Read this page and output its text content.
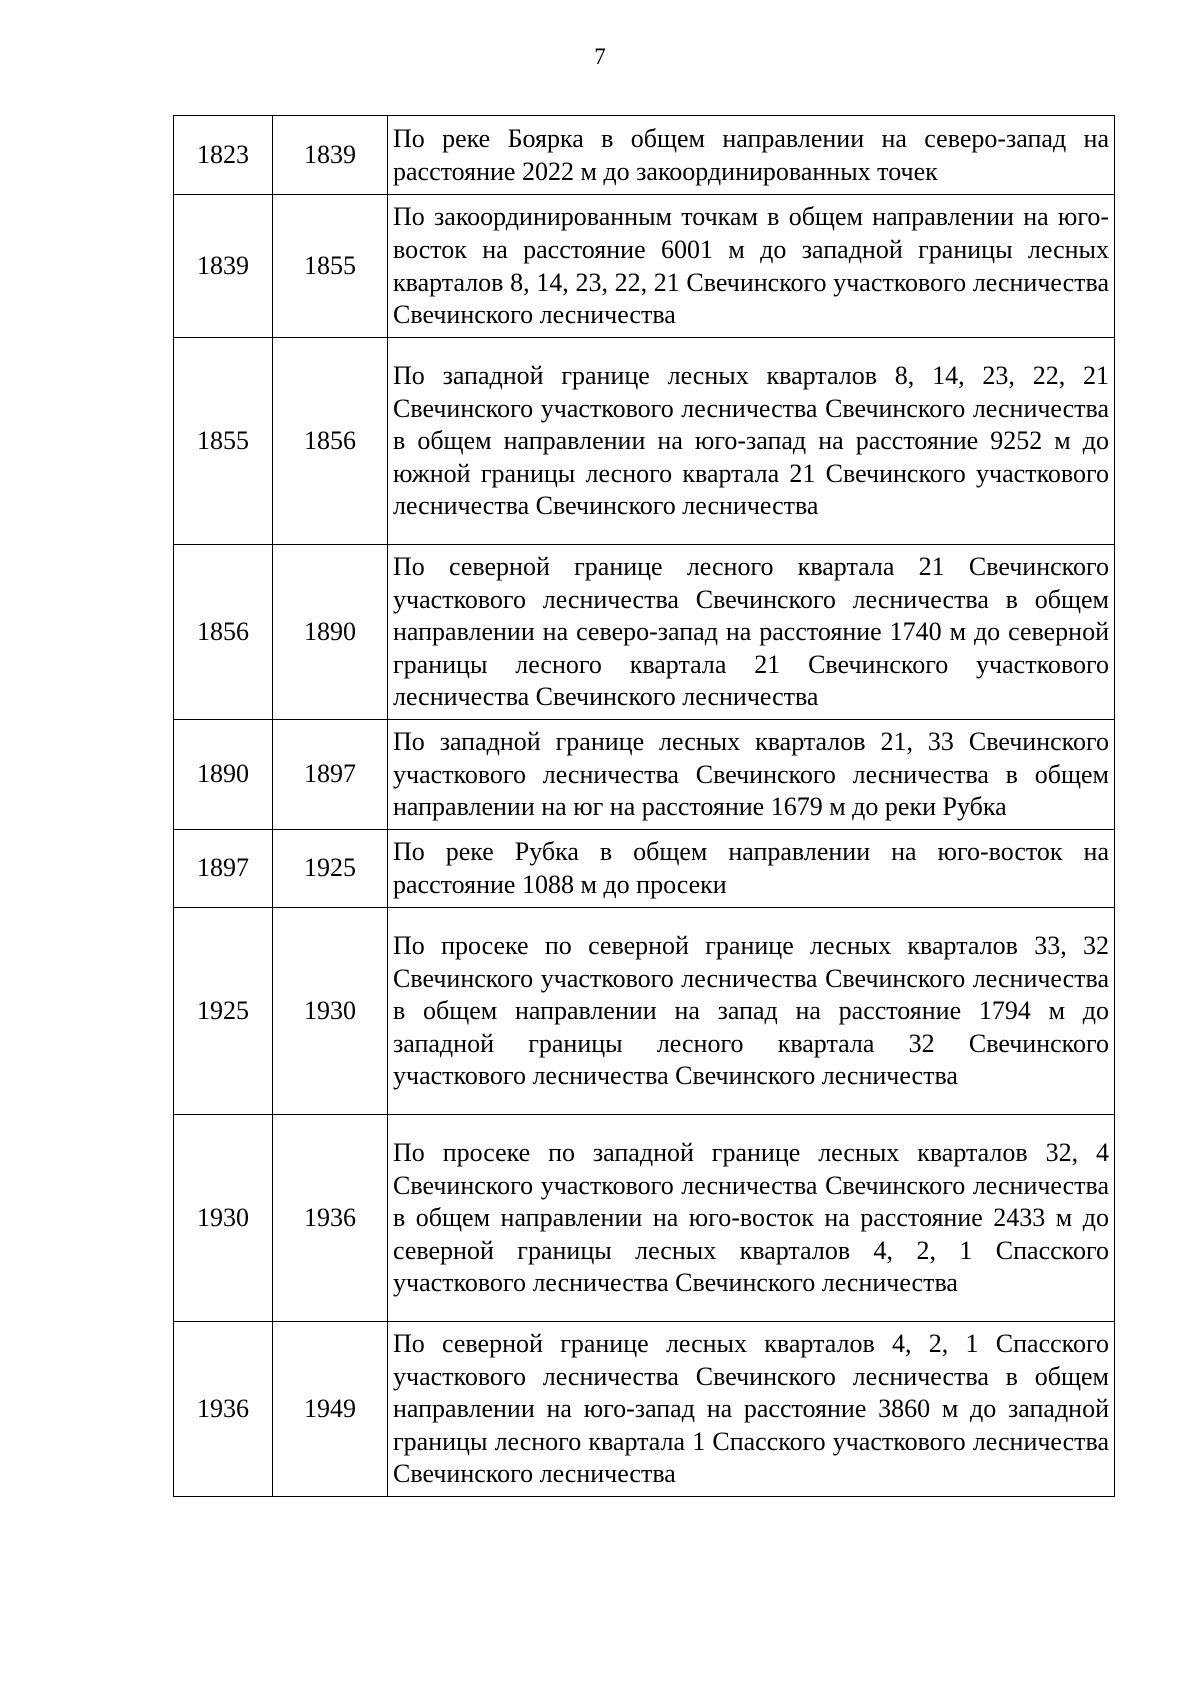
7
1823	1839	По реке Боярка в общем направлении на северо-запад на расстояние 2022 м до закоординированных точек
1839	1855	По закоординированным точкам в общем направлении на юго-восток на расстояние 6001 м до западной границы лесных кварталов 8, 14, 23, 22, 21 Свечинского участкового лесничества Свечинского лесничества
1855	1856	По западной границе лесных кварталов 8, 14, 23, 22, 21 Свечинского участкового лесничества Свечинского лесничества в общем направлении на юго-запад на расстояние 9252 м до южной границы лесного квартала 21 Свечинского участкового лесничества Свечинского лесничества
1856	1890	По северной границе лесного квартала 21 Свечинского участкового лесничества Свечинского лесничества в общем направлении на северо-запад на расстояние 1740 м до северной границы лесного квартала 21 Свечинского участкового лесничества Свечинского лесничества
1890	1897	По западной границе лесных кварталов 21, 33 Свечинского участкового лесничества Свечинского лесничества в общем направлении на юг на расстояние 1679 м до реки Рубка
1897	1925	По реке Рубка в общем направлении на юго-восток на расстояние 1088 м до просеки
1925	1930	По просеке по северной границе лесных кварталов 33, 32 Свечинского участкового лесничества Свечинского лесничества в общем направлении на запад на расстояние 1794 м до западной границы лесного квартала 32 Свечинского участкового лесничества Свечинского лесничества
1930	1936	По просеке по западной границе лесных кварталов 32, 4 Свечинского участкового лесничества Свечинского лесничества в общем направлении на юго-восток на расстояние 2433 м до северной границы лесных кварталов 4, 2, 1 Спасского участкового лесничества Свечинского лесничества
1936	1949	По северной границе лесных кварталов 4, 2, 1 Спасского участкового лесничества Свечинского лесничества в общем направлении на юго-запад на расстояние 3860 м до западной границы лесного квартала 1 Спасского участкового лесничества Свечинского лесничества
